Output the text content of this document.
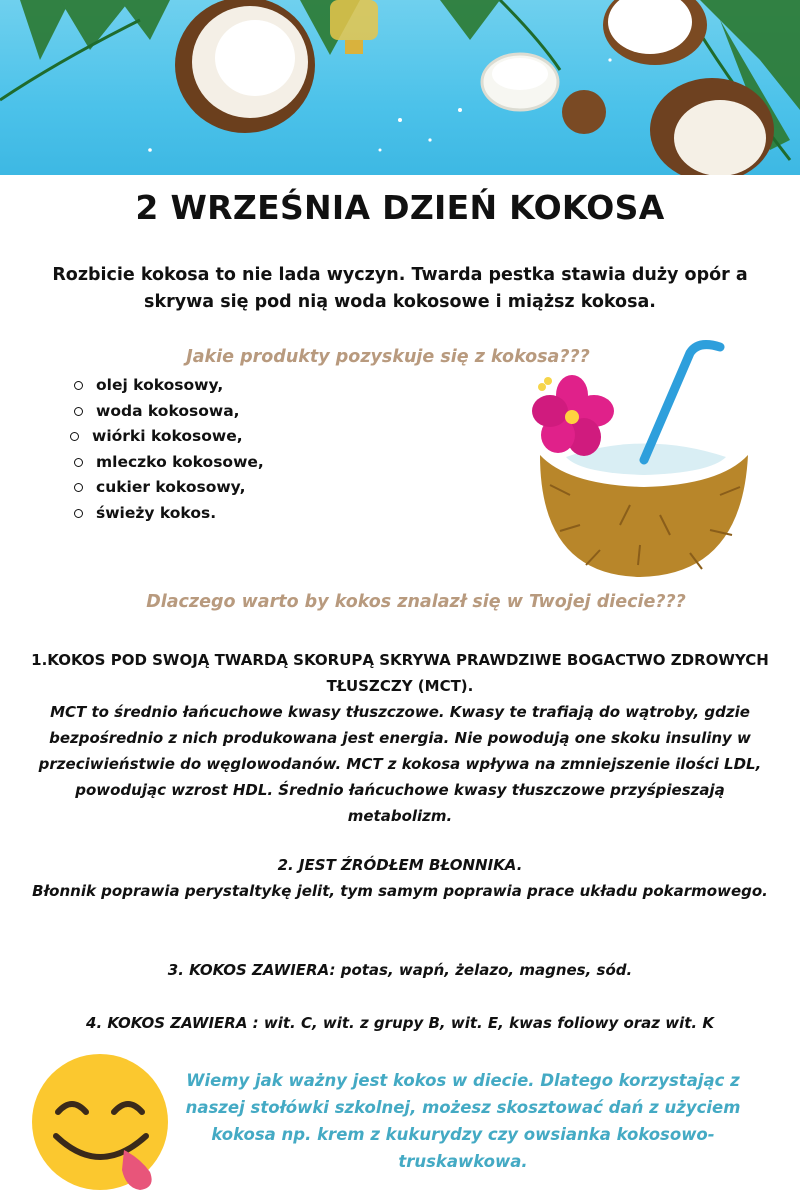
2 WRZEŚNIA DZIEŃ KOKOSA
Rozbicie kokosa to nie lada wyczyn. Twarda pestka stawia duży opór a skrywa się pod nią woda kokosowe i miąższ kokosa.
Jakie produkty pozyskuje się z kokosa???
olej kokosowy,
woda kokosowa,
wiórki kokosowe,
mleczko kokosowe,
cukier kokosowy,
świeży kokos.
Dlaczego warto by kokos znalazł się w Twojej diecie???
1.KOKOS POD SWOJĄ TWARDĄ SKORUPĄ SKRYWA PRAWDZIWE BOGACTWO ZDROWYCH TŁUSZCZY (MCT).
MCT to średnio łańcuchowe kwasy tłuszczowe. Kwasy te trafiają do wątroby, gdzie bezpośrednio z nich produkowana jest energia. Nie powodują one skoku insuliny w przeciwieństwie do węglowodanów. MCT z kokosa wpływa na zmniejszenie ilości LDL, powodując wzrost HDL. Średnio łańcuchowe kwasy tłuszczowe przyśpieszają metabolizm.
2. JEST ŹRÓDŁEM BŁONNIKA.
Błonnik poprawia perystaltykę jelit, tym samym poprawia prace układu pokarmowego.
3. KOKOS ZAWIERA: potas, wapń, żelazo, magnes, sód.
4. KOKOS ZAWIERA : wit. C, wit. z grupy B, wit. E, kwas foliowy oraz wit. K
Wiemy jak ważny jest kokos w diecie. Dlatego korzystając z naszej stołówki szkolnej, możesz skosztować dań z użyciem kokosa np. krem z kukurydzy czy owsianka kokosowo-truskawkowa.
